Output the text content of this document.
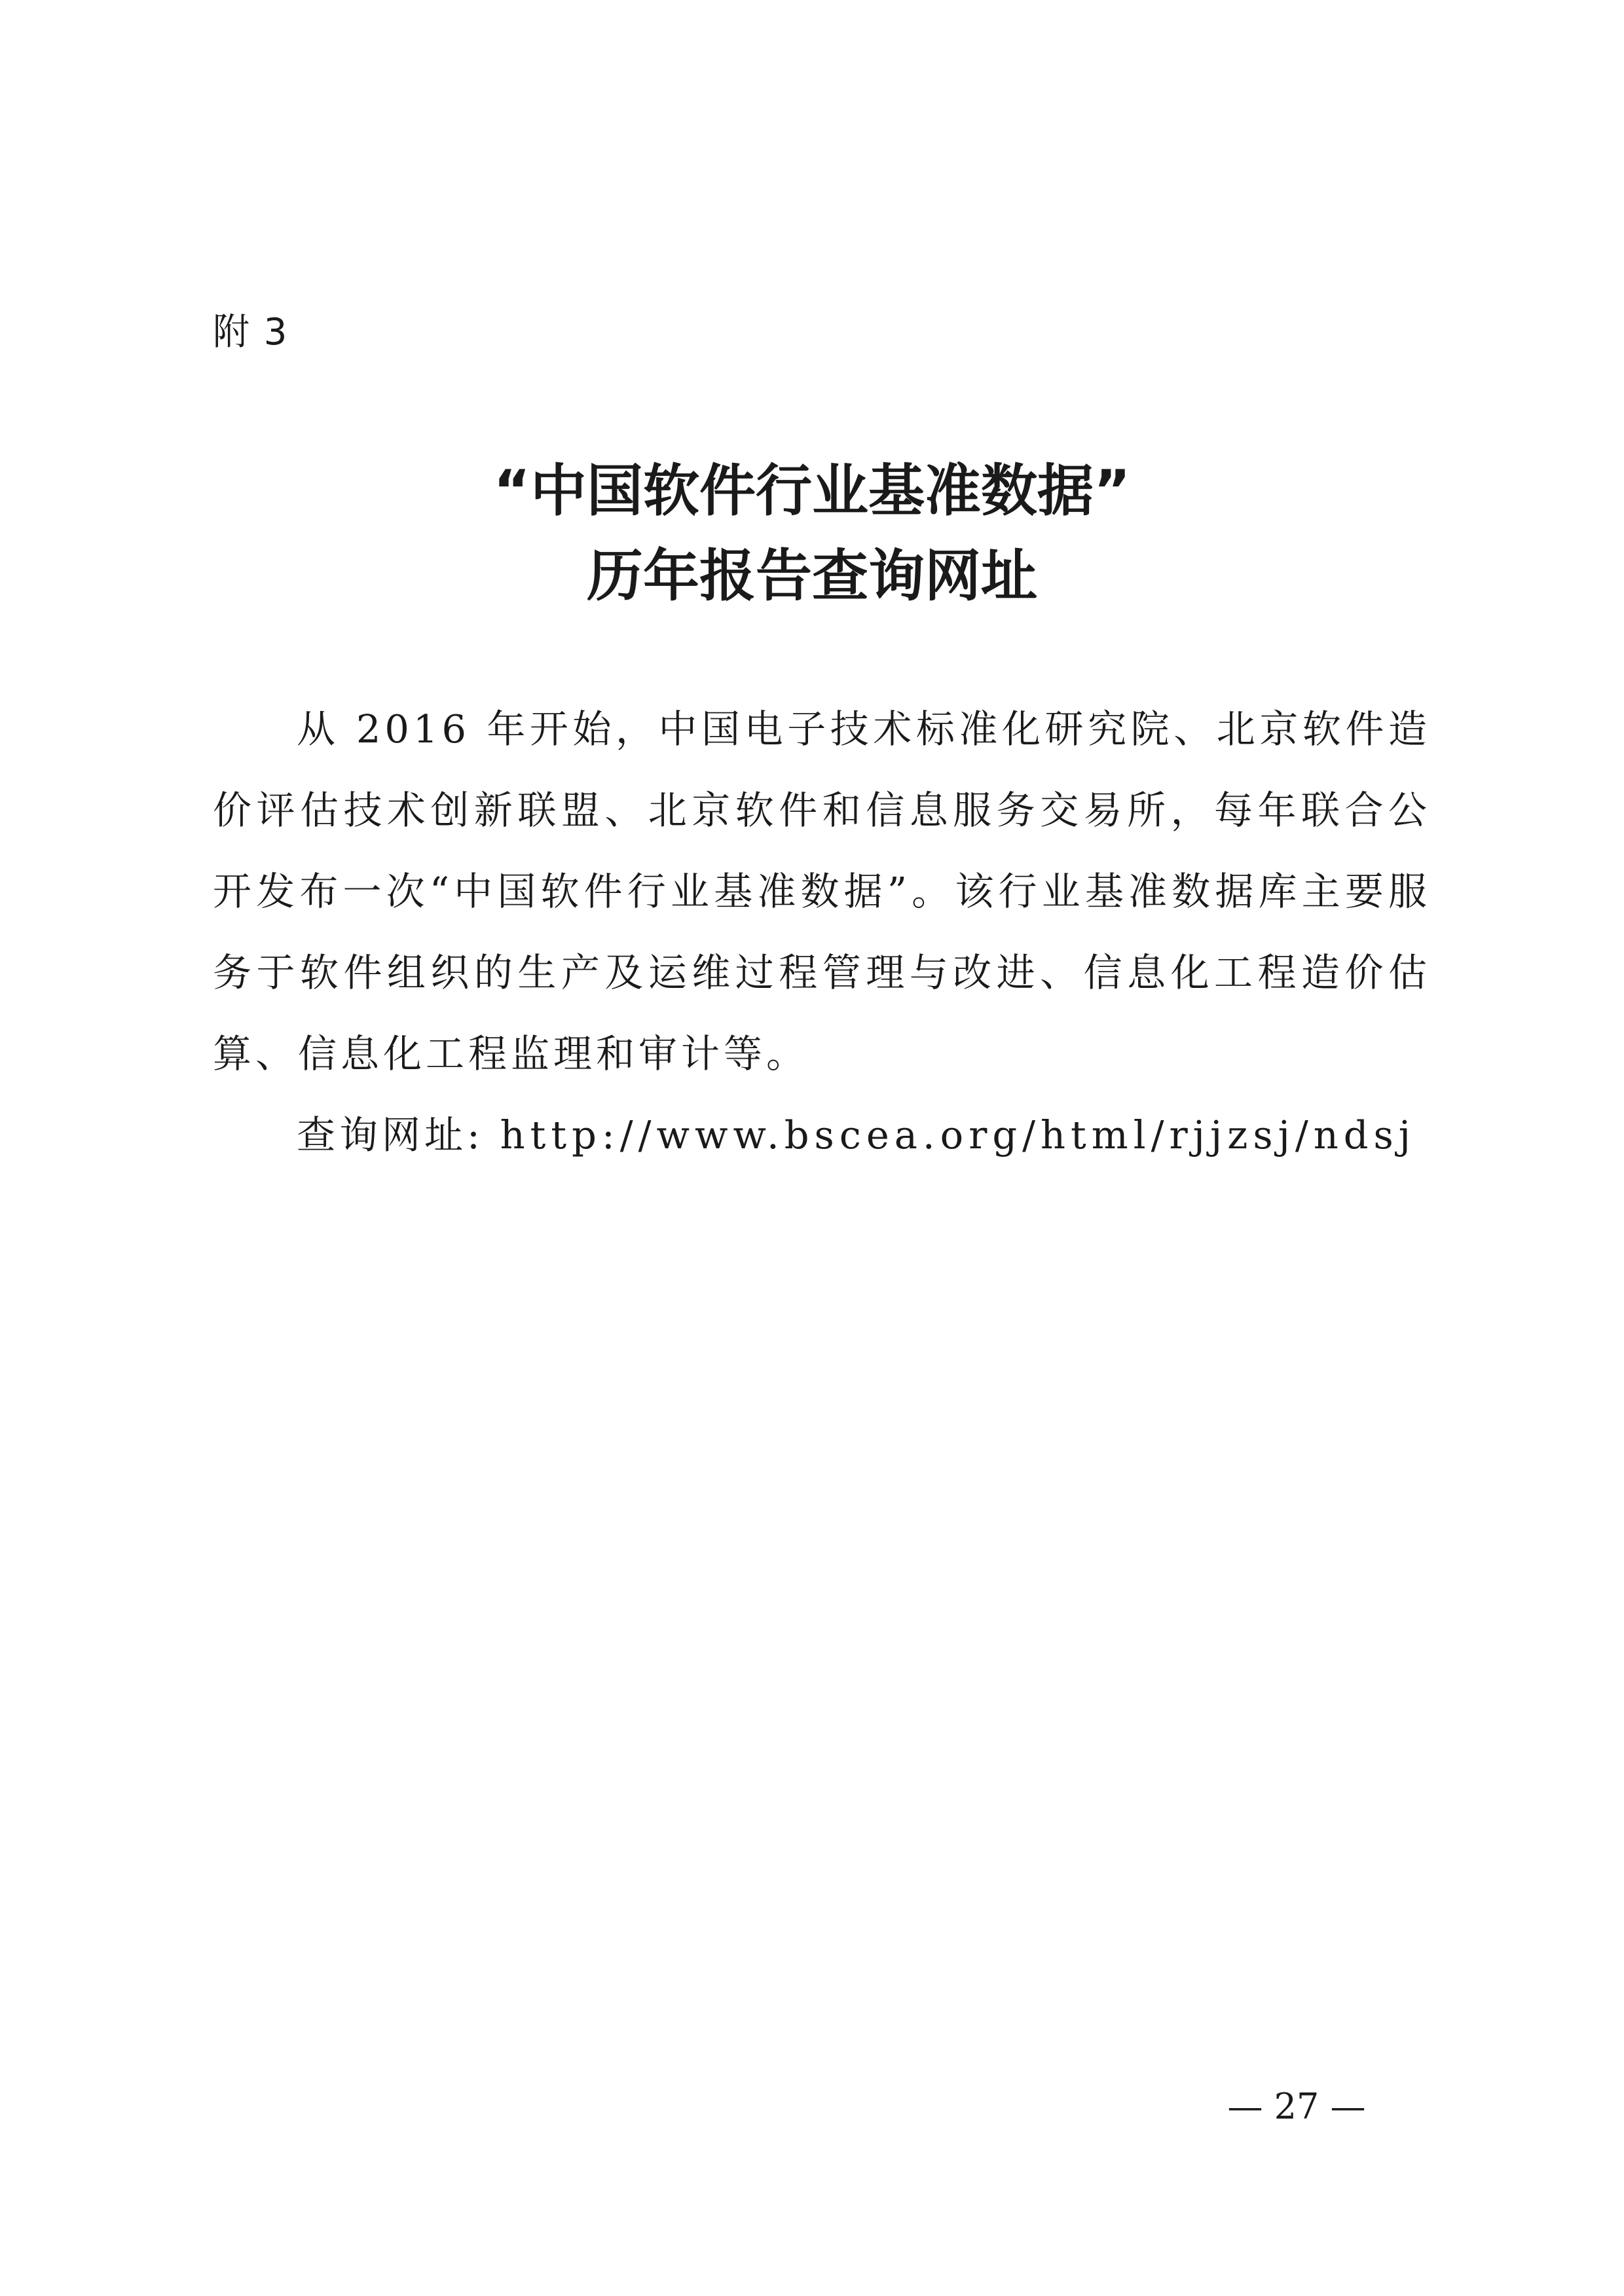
附 3
“中国软件行业基准数据”
历年报告查询网址

从 2016 年开始，中国电子技术标准化研究院、北京软件造价评估技术创新联盟、北京软件和信息服务交易所，每年联合公开发布一次“中国软件行业基准数据”。该行业基准数据库主要服务于软件组织的生产及运维过程管理与改进、信息化工程造价估算、信息化工程监理和审计等。

查询网址: http://www.bscea.org/html/rjjzsj/ndsj
— 27 —
